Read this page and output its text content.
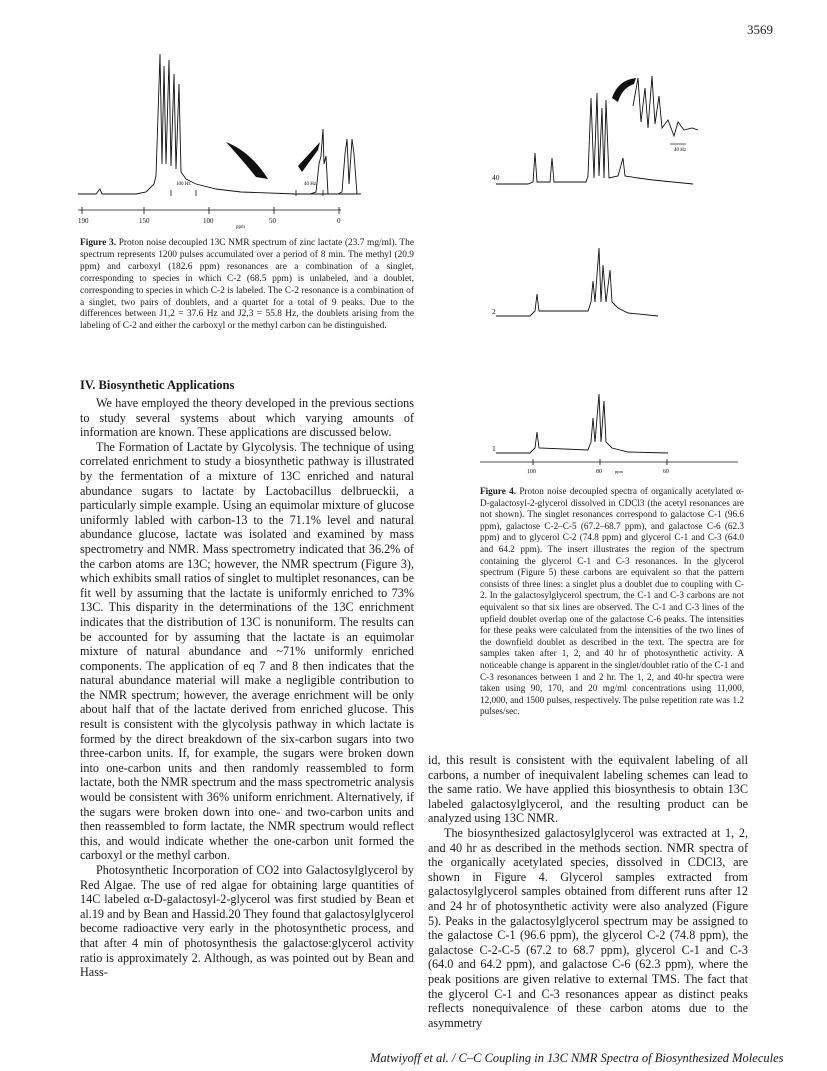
3569
100 Hz	40 Hz
190	150	100	50	0
ppm
Figure 3. Proton noise decoupled 13C NMR spectrum of zinc lactate (23.7 mg/ml). The spectrum represents 1200 pulses accumulated over a period of 8 min. The methyl (20.9 ppm) and carboxyl (182.6 ppm) resonances are a combination of a singlet, corresponding to species in which C-2 (68.5 ppm) is unlabeled, and a doublet, corresponding to species in which C-2 is labeled. The C-2 resonance is a combination of a singlet, two pairs of doublets, and a quartet for a total of 9 peaks. Due to the differences between J1,2 = 37.6 Hz and J2,3 = 55.8 Hz, the doublets arising from the labeling of C-2 and either the carboxyl or the methyl carbon can be distinguished.
40 Hz
40
2
1
100	80	60
ppm
Figure 4. Proton noise decoupled spectra of organically acetylated α-D-galactosyl-2-glycerol dissolved in CDCl3 (the acetyl resonances are not shown). The singlet resonances correspond to galactose C-1 (96.6 ppm), galactose C-2–C-5 (67.2–68.7 ppm), and galactose C-6 (62.3 ppm) and to glycerol C-2 (74.8 ppm) and glycerol C-1 and C-3 (64.0 and 64.2 ppm). The insert illustrates the region of the spectrum containing the glycerol C-1 and C-3 resonances. In the glycerol spectrum (Figure 5) these carbons are equivalent so that the pattern consists of three lines: a singlet plus a doublet due to coupling with C-2. In the galactosylglycerol spectrum, the C-1 and C-3 carbons are not equivalent so that six lines are observed. The C-1 and C-3 lines of the upfield doublet overlap one of the galactose C-6 peaks. The intensities for these peaks were calculated from the intensities of the two lines of the downfield doublet as described in the text. The spectra are for samples taken after 1, 2, and 40 hr of photosynthetic activity. A noticeable change is apparent in the singlet/doublet ratio of the C-1 and C-3 resonances between 1 and 2 hr. The 1, 2, and 40-hr spectra were taken using 90, 170, and 20 mg/ml concentrations using 11,000, 12,000, and 1500 pulses, respectively. The pulse repetition rate was 1.2 pulses/sec.
IV. Biosynthetic Applications

We have employed the theory developed in the previous sections to study several systems about which varying amounts of information are known. These applications are discussed below.

The Formation of Lactate by Glycolysis. The technique of using correlated enrichment to study a biosynthetic pathway is illustrated by the fermentation of a mixture of 13C enriched and natural abundance sugars to lactate by Lactobacillus delbrueckii, a particularly simple example. Using an equimolar mixture of glucose uniformly labled with carbon-13 to the 71.1% level and natural abundance glucose, lactate was isolated and examined by mass spectrometry and NMR. Mass spectrometry indicated that 36.2% of the carbon atoms are 13C; however, the NMR spectrum (Figure 3), which exhibits small ratios of singlet to multiplet resonances, can be fit well by assuming that the lactate is uniformly enriched to 73% 13C. This disparity in the determinations of the 13C enrichment indicates that the distribution of 13C is nonuniform. The results can be accounted for by assuming that the lactate is an equimolar mixture of natural abundance and ~71% uniformly enriched components. The application of eq 7 and 8 then indicates that the natural abundance material will make a negligible contribution to the NMR spectrum; however, the average enrichment will be only about half that of the lactate derived from enriched glucose. This result is consistent with the glycolysis pathway in which lactate is formed by the direct breakdown of the six-carbon sugars into two three-carbon units. If, for example, the sugars were broken down into one-carbon units and then randomly reassembled to form lactate, both the NMR spectrum and the mass spectrometric analysis would be consistent with 36% uniform enrichment. Alternatively, if the sugars were broken down into one- and two-carbon units and then reassembled to form lactate, the NMR spectrum would reflect this, and would indicate whether the one-carbon unit formed the carboxyl or the methyl carbon.

Photosynthetic Incorporation of CO2 into Galactosylglycerol by Red Algae. The use of red algae for obtaining large quantities of 14C labeled α-D-galactosyl-2-glycerol was first studied by Bean et al.19 and by Bean and Hassid.20 They found that galactosylglycerol become radioactive very early in the photosynthetic process, and that after 4 min of photosynthesis the galactose:glycerol activity ratio is approximately 2. Although, as was pointed out by Bean and Hass-

id, this result is consistent with the equivalent labeling of all carbons, a number of inequivalent labeling schemes can lead to the same ratio. We have applied this biosynthesis to obtain 13C labeled galactosylglycerol, and the resulting product can be analyzed using 13C NMR.

The biosynthesized galactosylglycerol was extracted at 1, 2, and 40 hr as described in the methods section. NMR spectra of the organically acetylated species, dissolved in CDCl3, are shown in Figure 4. Glycerol samples extracted from galactosylglycerol samples obtained from different runs after 12 and 24 hr of photosynthetic activity were also analyzed (Figure 5). Peaks in the galactosylglycerol spectrum may be assigned to the galactose C-1 (96.6 ppm), the glycerol C-2 (74.8 ppm), the galactose C-2-C-5 (67.2 to 68.7 ppm), glycerol C-1 and C-3 (64.0 and 64.2 ppm), and galactose C-6 (62.3 ppm), where the peak positions are given relative to external TMS. The fact that the glycerol C-1 and C-3 resonances appear as distinct peaks reflects nonequivalence of these carbon atoms due to the asymmetry

Matwiyoff et al. / C–C Coupling in 13C NMR Spectra of Biosynthesized Molecules
